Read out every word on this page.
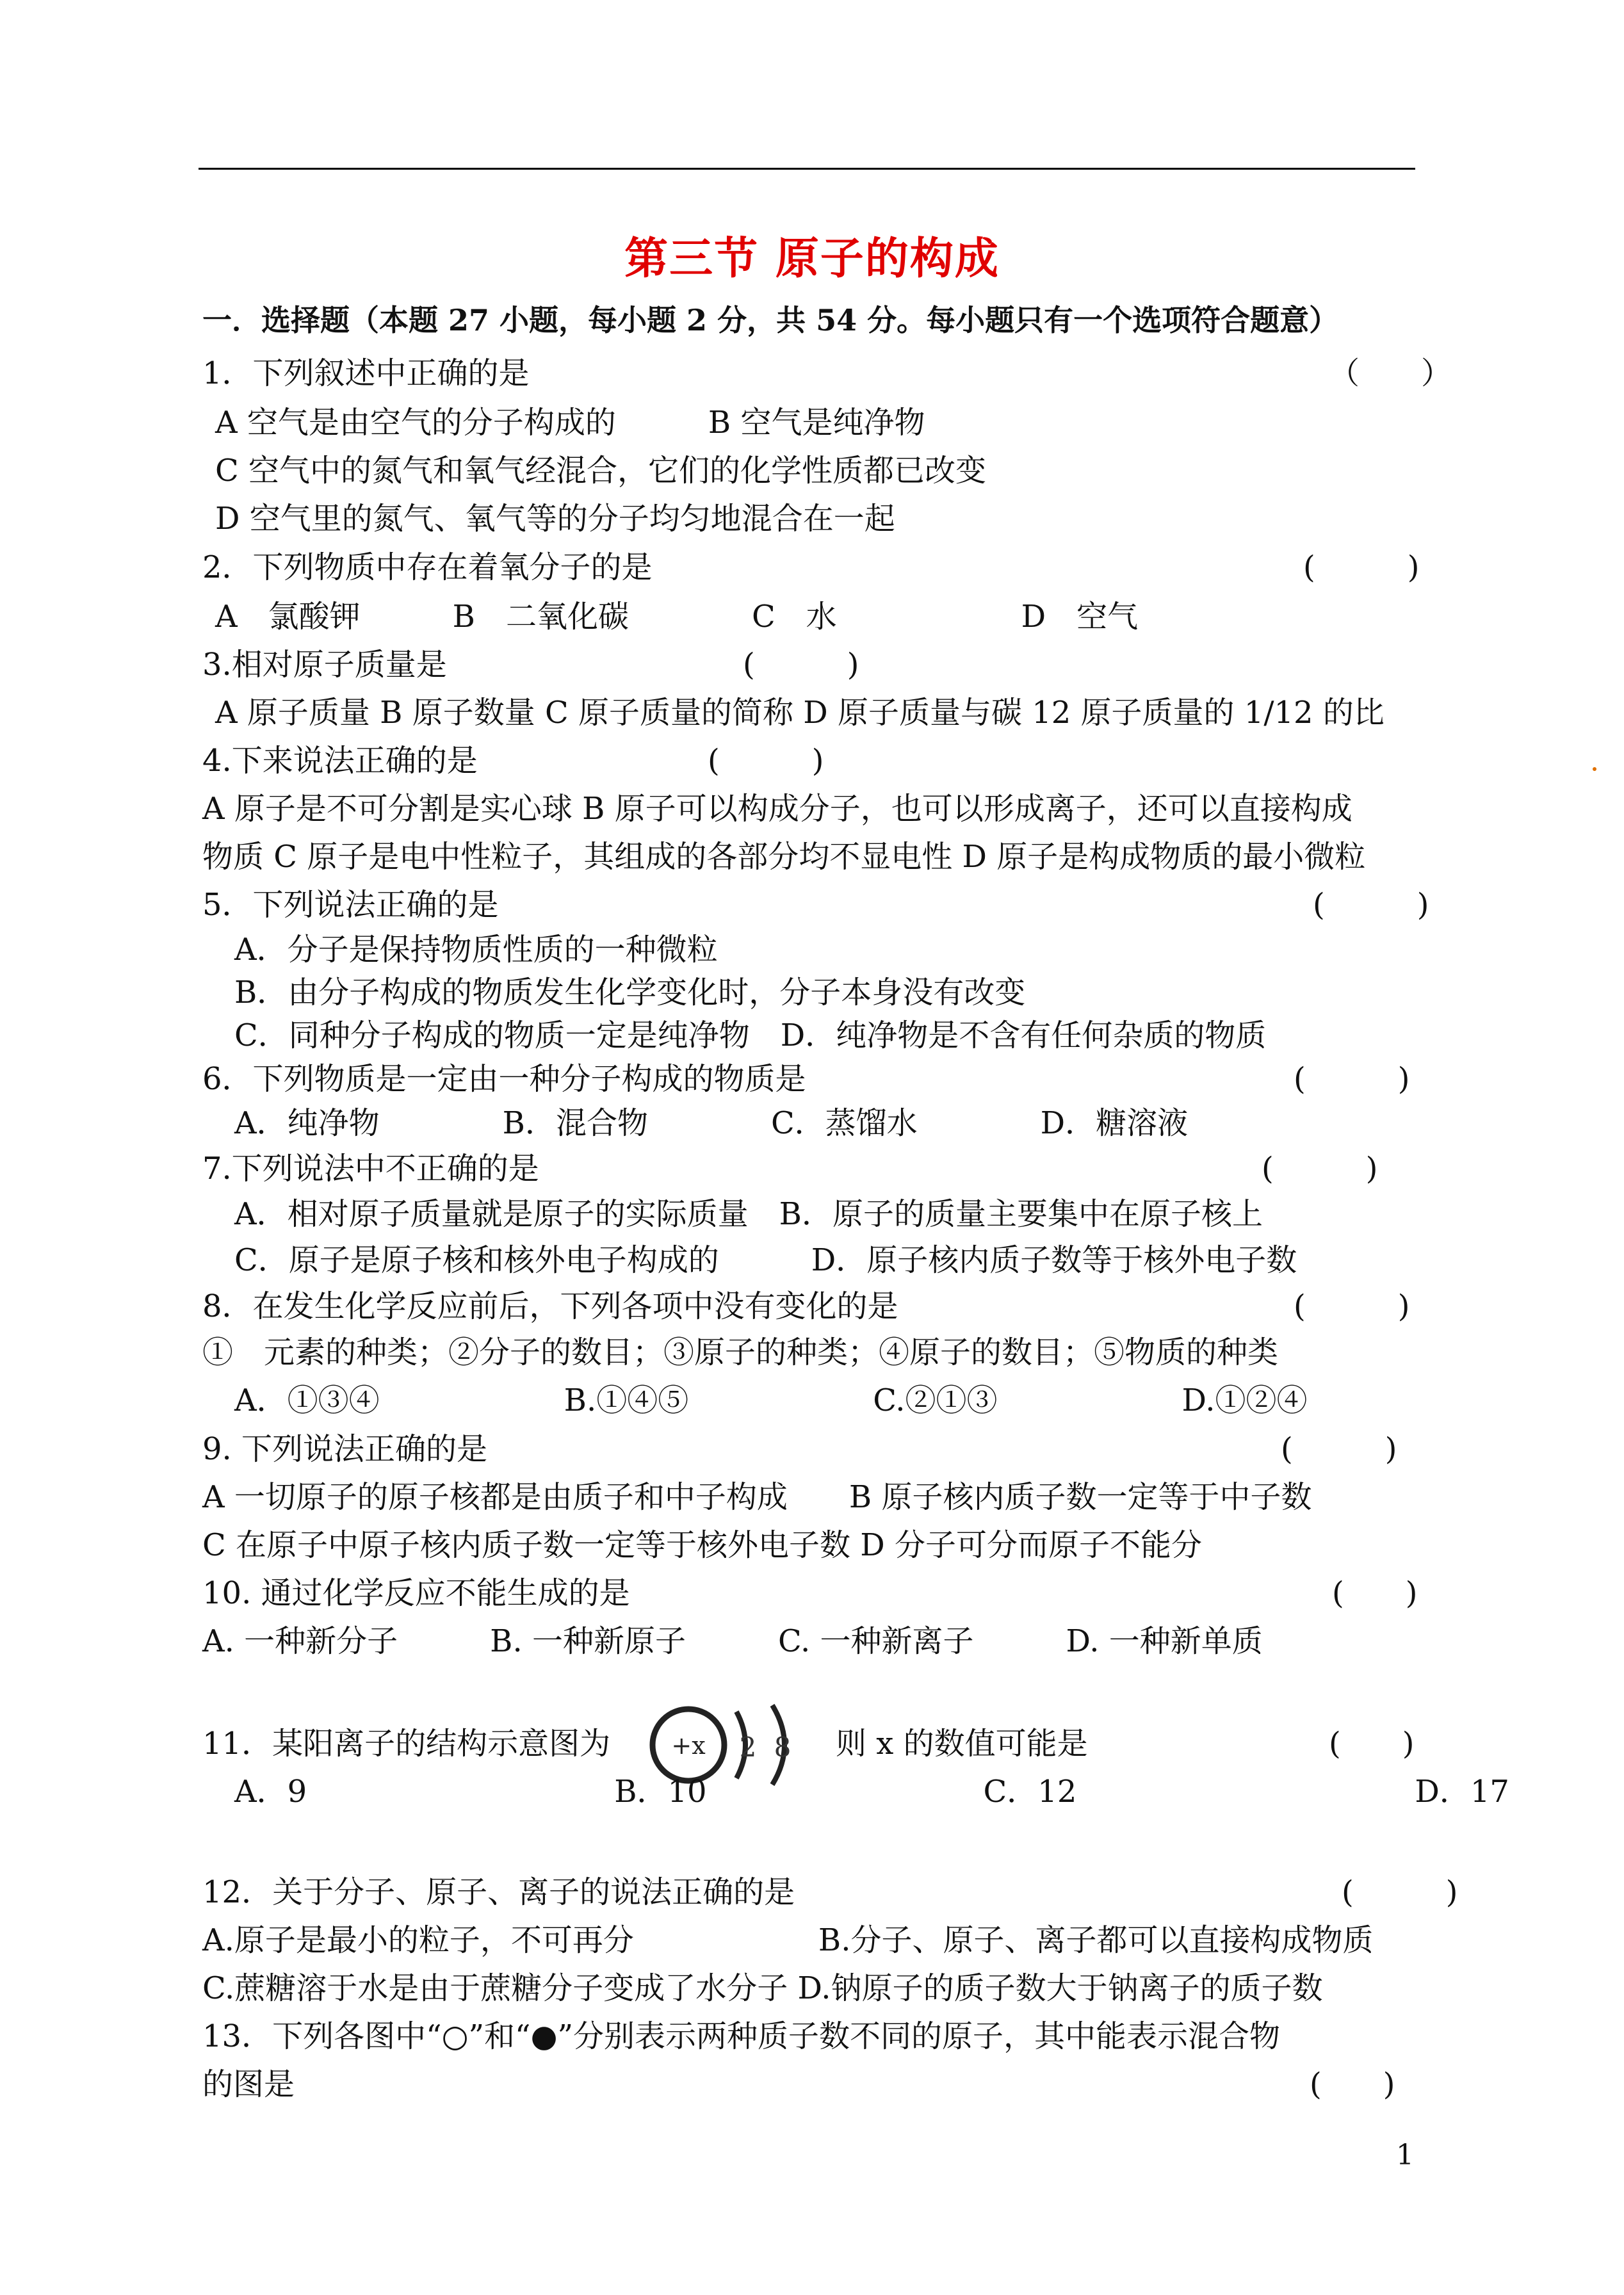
第三节 原子的构成
一．选择题（本题 27 小题，每小题 2 分，共 54 分。每小题只有一个选项符合题意）
1．下列叙述中正确的是	（　　）
A 空气是由空气的分子构成的　　　B 空气是纯净物
C 空气中的氮气和氧气经混合，它们的化学性质都已改变
D 空气里的氮气、氧气等的分子均匀地混合在一起
2．下列物质中存在着氧分子的是	(　　　)
A　氯酸钾　　　B　二氧化碳　　　　C　水　　　　　　D　空气
3.相对原子质量是	(　　　)
A 原子质量 B 原子数量 C 原子质量的简称 D 原子质量与碳 12 原子质量的 1/12 的比
4.下来说法正确的是	(　　　)
A 原子是不可分割是实心球 B 原子可以构成分子，也可以形成离子，还可以直接构成
物质 C 原子是电中性粒子，其组成的各部分均不显电性 D 原子是构成物质的最小微粒
5．下列说法正确的是	(　　　)
A．分子是保持物质性质的一种微粒
B．由分子构成的物质发生化学变化时，分子本身没有改变
C．同种分子构成的物质一定是纯净物　D．纯净物是不含有任何杂质的物质
6．下列物质是一定由一种分子构成的物质是	(　　　)
A．纯净物　　　　B．混合物　　　　C．蒸馏水　　　　D．糖溶液
7.下列说法中不正确的是	(　　　)
A．相对原子质量就是原子的实际质量　B．原子的质量主要集中在原子核上
C．原子是原子核和核外电子构成的　　　D．原子核内质子数等于核外电子数
8．在发生化学反应前后，下列各项中没有变化的是	(　　　)
①　元素的种类；②分子的数目；③原子的种类；④原子的数目；⑤物质的种类
A．①③④　　　　　　B.①④⑤　　　　　　C.②①③　　　　　　D.①②④
9. 下列说法正确的是	(　　　)
A 一切原子的原子核都是由质子和中子构成　　B 原子核内质子数一定等于中子数
C 在原子中原子核内质子数一定等于核外电子数 D 分子可分而原子不能分
10. 通过化学反应不能生成的是	(　　)
A. 一种新分子　　　B. 一种新原子　　　C. 一种新离子　　　D. 一种新单质
11．某阳离子的结构示意图为	+x 2 8 则 x 的数值可能是	(　　)
A．9　　　　　　　　　　B．10　　　　　　　　　C．12　　　　　　　　　　　D．17
12．关于分子、原子、离子的说法正确的是	(　　　)
A.原子是最小的粒子，不可再分　　　　　　B.分子、原子、离子都可以直接构成物质
C.蔗糖溶于水是由于蔗糖分子变成了水分子 D.钠原子的质子数大于钠离子的质子数
13．下列各图中“○”和“●”分别表示两种质子数不同的原子，其中能表示混合物
的图是	(　　)
1
